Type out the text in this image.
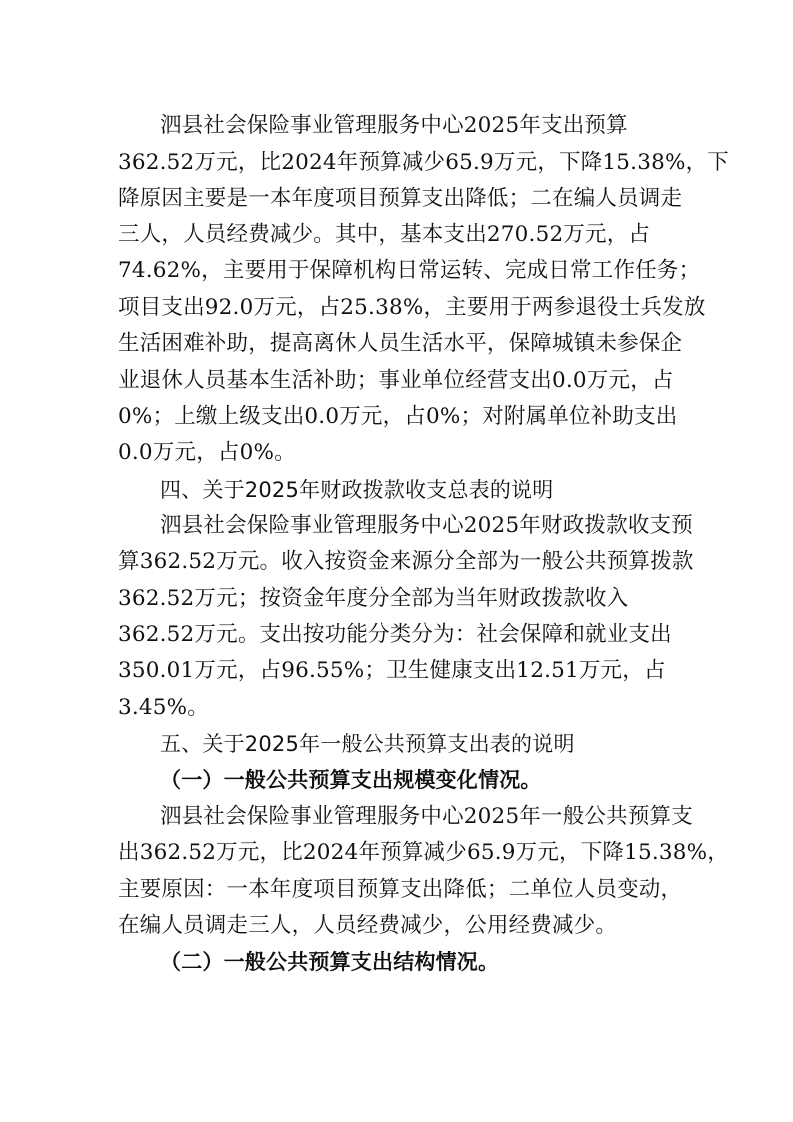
泗县社会保险事业管理服务中心2025年支出预算
362.52万元，比2024年预算减少65.9万元，下降15.38%，下
降原因主要是一本年度项目预算支出降低；二在编人员调走
三人，人员经费减少。其中，基本支出270.52万元，占
74.62%，主要用于保障机构日常运转、完成日常工作任务；
项目支出92.0万元，占25.38%，主要用于两参退役士兵发放
生活困难补助，提高离休人员生活水平，保障城镇未参保企
业退休人员基本生活补助；事业单位经营支出0.0万元，占
0%；上缴上级支出0.0万元，占0%；对附属单位补助支出
0.0万元，占0%。
四、关于2025年财政拨款收支总表的说明
泗县社会保险事业管理服务中心2025年财政拨款收支预
算362.52万元。收入按资金来源分全部为一般公共预算拨款
362.52万元；按资金年度分全部为当年财政拨款收入
362.52万元。支出按功能分类分为：社会保障和就业支出
350.01万元，占96.55%；卫生健康支出12.51万元，占
3.45%。
五、关于2025年一般公共预算支出表的说明
（一）一般公共预算支出规模变化情况。
泗县社会保险事业管理服务中心2025年一般公共预算支
出362.52万元，比2024年预算减少65.9万元，下降15.38%，
主要原因：一本年度项目预算支出降低；二单位人员变动，
在编人员调走三人，人员经费减少，公用经费减少。
（二）一般公共预算支出结构情况。
